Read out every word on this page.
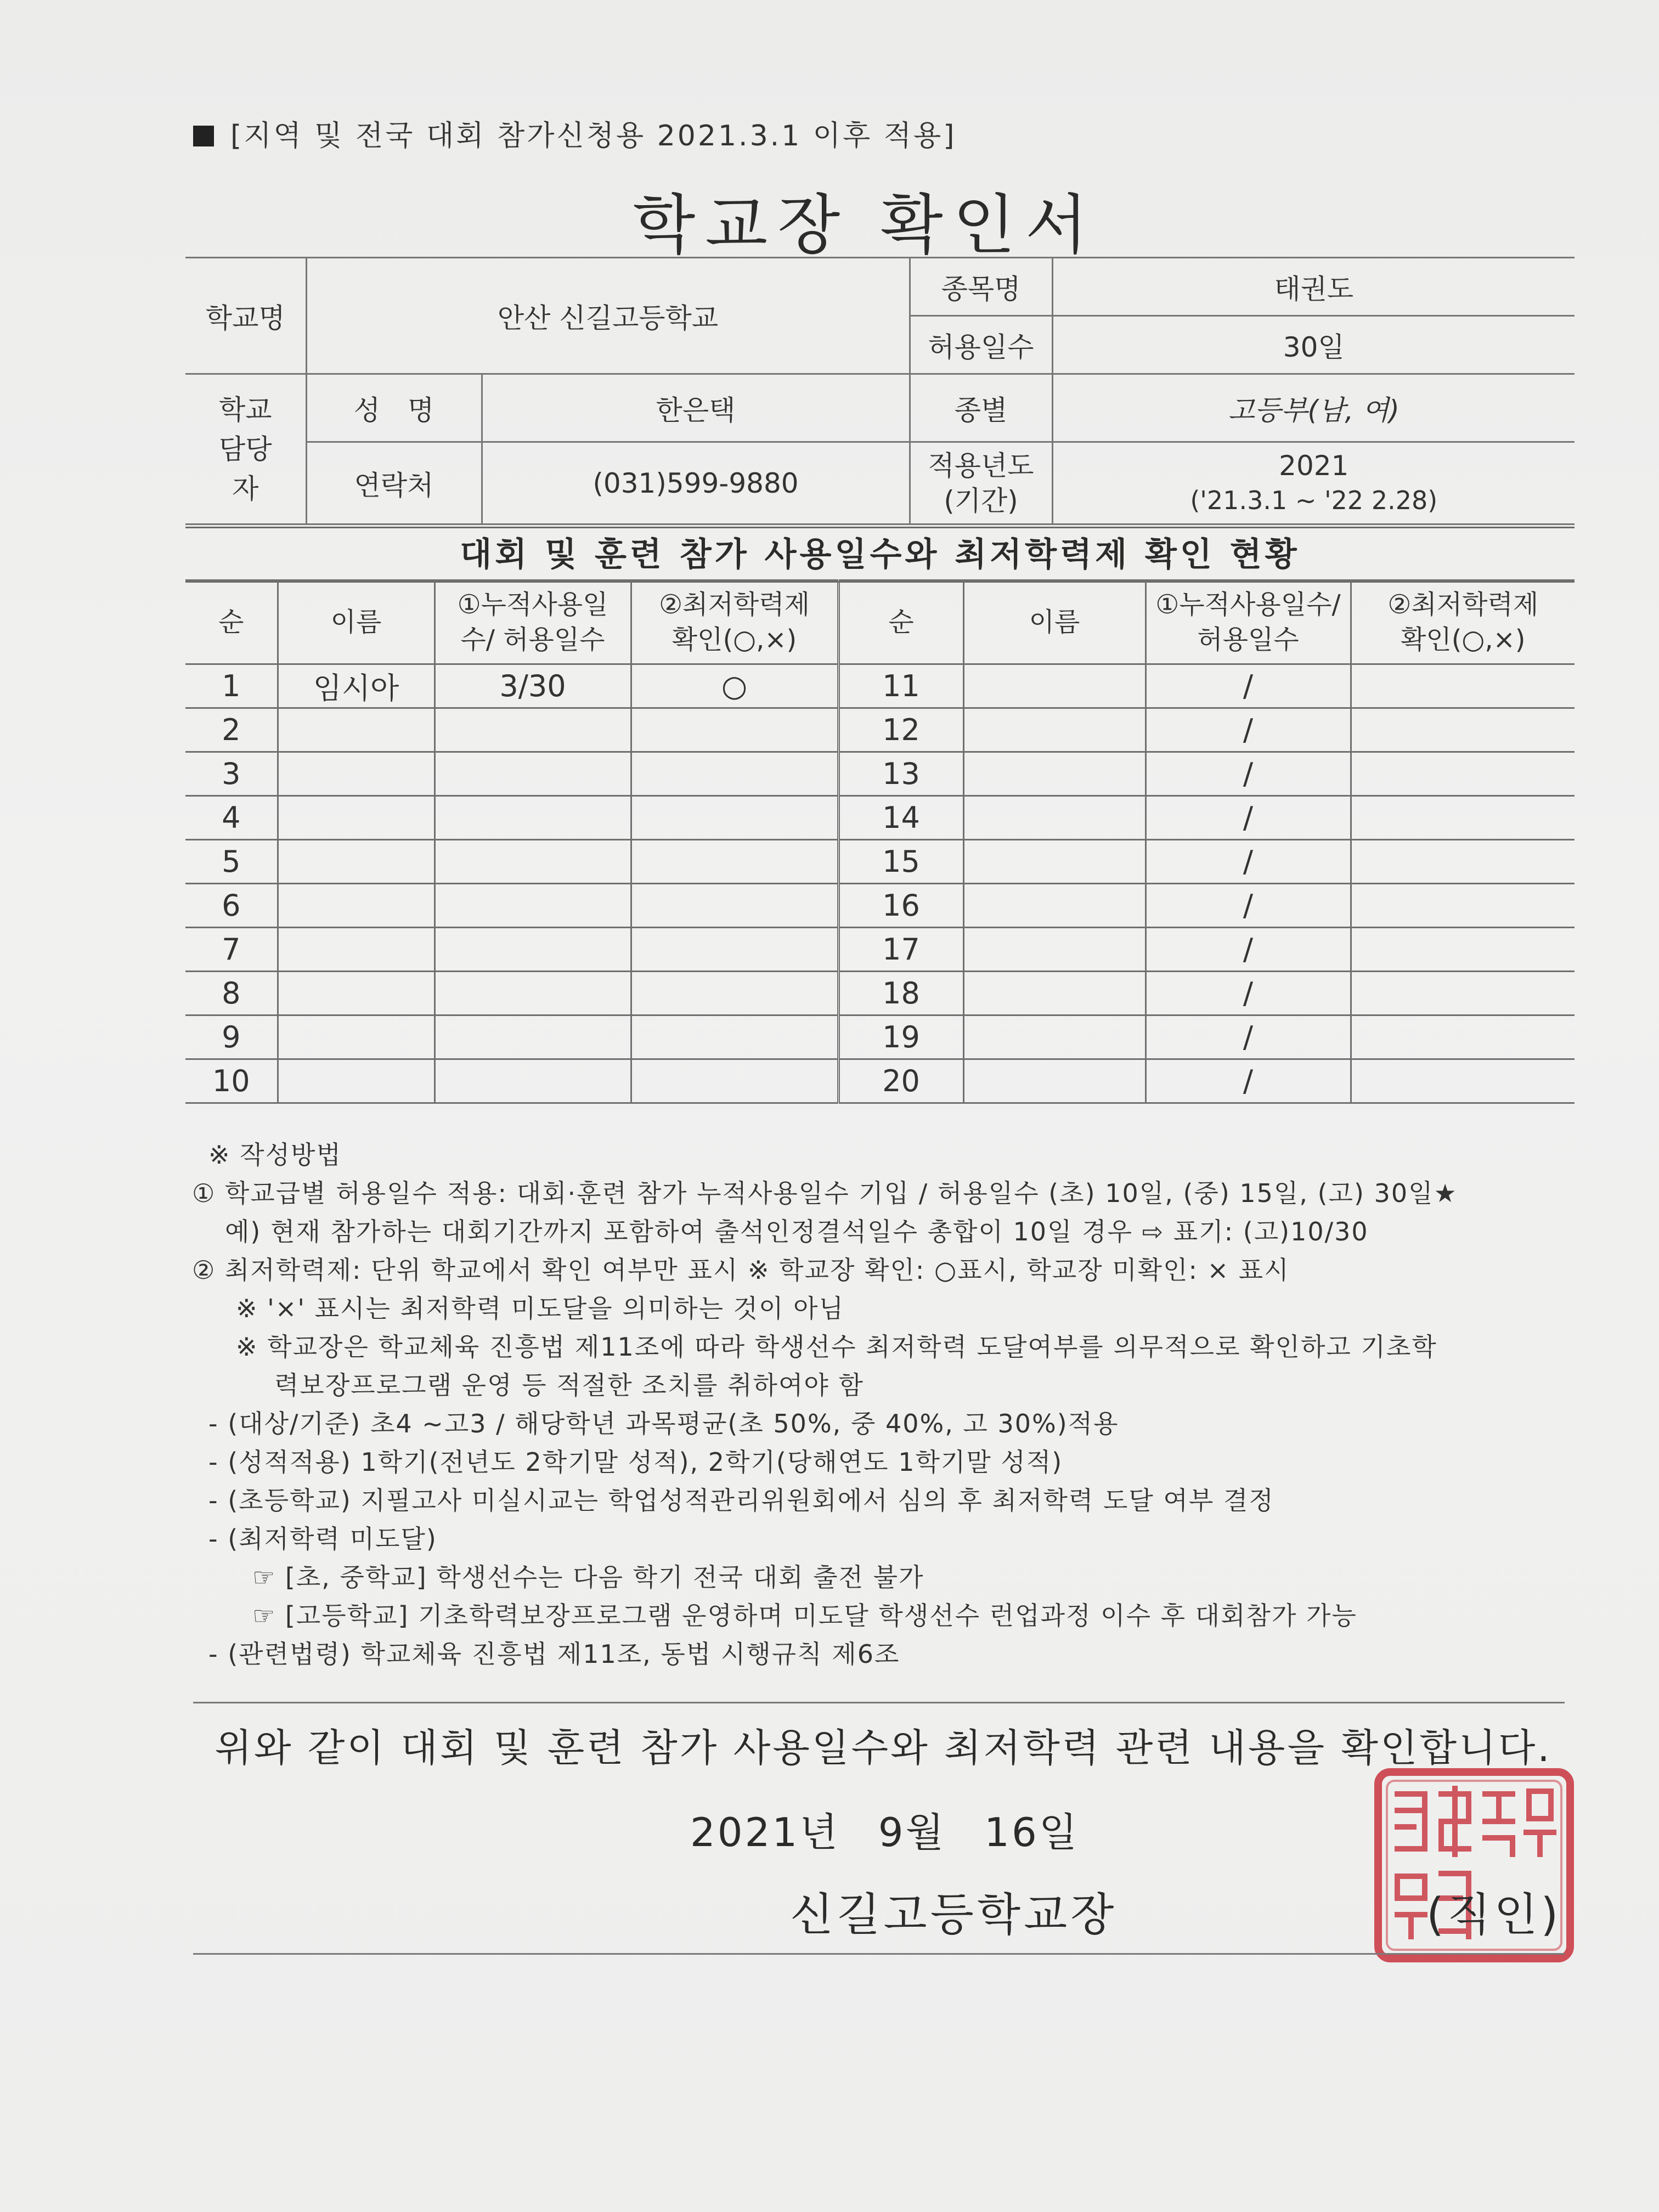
[지역 및 전국 대회 참가신청용 2021.3.1 이후 적용]
학교장 확인서
학교명	안산 신길고등학교		종목명	태권도
			허용일수	30일
학교 담당자	성　명	한은택	종별	고등부(남, 여)
	연락처	(031)599-9880	적용년도 (기간)	2021
('21.3.1 ~ '22 2.28)
대회 및 훈련 참가 사용일수와 최저학력제 확인 현황
순	이름	①누적사용일수/ 허용일수	②최저학력제 확인(○,×)	순	이름	①누적사용일수/ 허용일수	②최저학력제 확인(○,×)
1	임시아	3/30	○	11		/	
2				12		/	
3				13		/	
4				14		/	
5				15		/	
6				16		/	
7				17		/	
8				18		/	
9				19		/	
10				20		/	
※ 작성방법
① 학교급별 허용일수 적용: 대회·훈련 참가 누적사용일수 기입 / 허용일수 (초) 10일, (중) 15일, (고) 30일★
예) 현재 참가하는 대회기간까지 포함하여 출석인정결석일수 총합이 10일 경우 ⇨ 표기: (고)10/30
② 최저학력제: 단위 학교에서 확인 여부만 표시 ※ 학교장 확인: ○표시, 학교장 미확인: × 표시
※ '×' 표시는 최저학력 미도달을 의미하는 것이 아님
※ 학교장은 학교체육 진흥법 제11조에 따라 학생선수 최저학력 도달여부를 의무적으로 확인하고 기초학
력보장프로그램 운영 등 적절한 조치를 취하여야 함
- (대상/기준) 초4 ~고3 / 해당학년 과목평균(초 50%, 중 40%, 고 30%)적용
- (성적적용) 1학기(전년도 2학기말 성적), 2학기(당해연도 1학기말 성적)
- (초등학교) 지필고사 미실시교는 학업성적관리위원회에서 심의 후 최저학력 도달 여부 결정
- (최저학력 미도달)
☞ [초, 중학교] 학생선수는 다음 학기 전국 대회 출전 불가
☞ [고등학교] 기초학력보장프로그램 운영하며 미도달 학생선수 런업과정 이수 후 대회참가 가능
- (관련법령) 학교체육 진흥법 제11조, 동법 시행규칙 제6조
위와 같이 대회 및 훈련 참가 사용일수와 최저학력 관련 내용을 확인합니다.
2021년 9월 16일
신길고등학교장	(직인)
